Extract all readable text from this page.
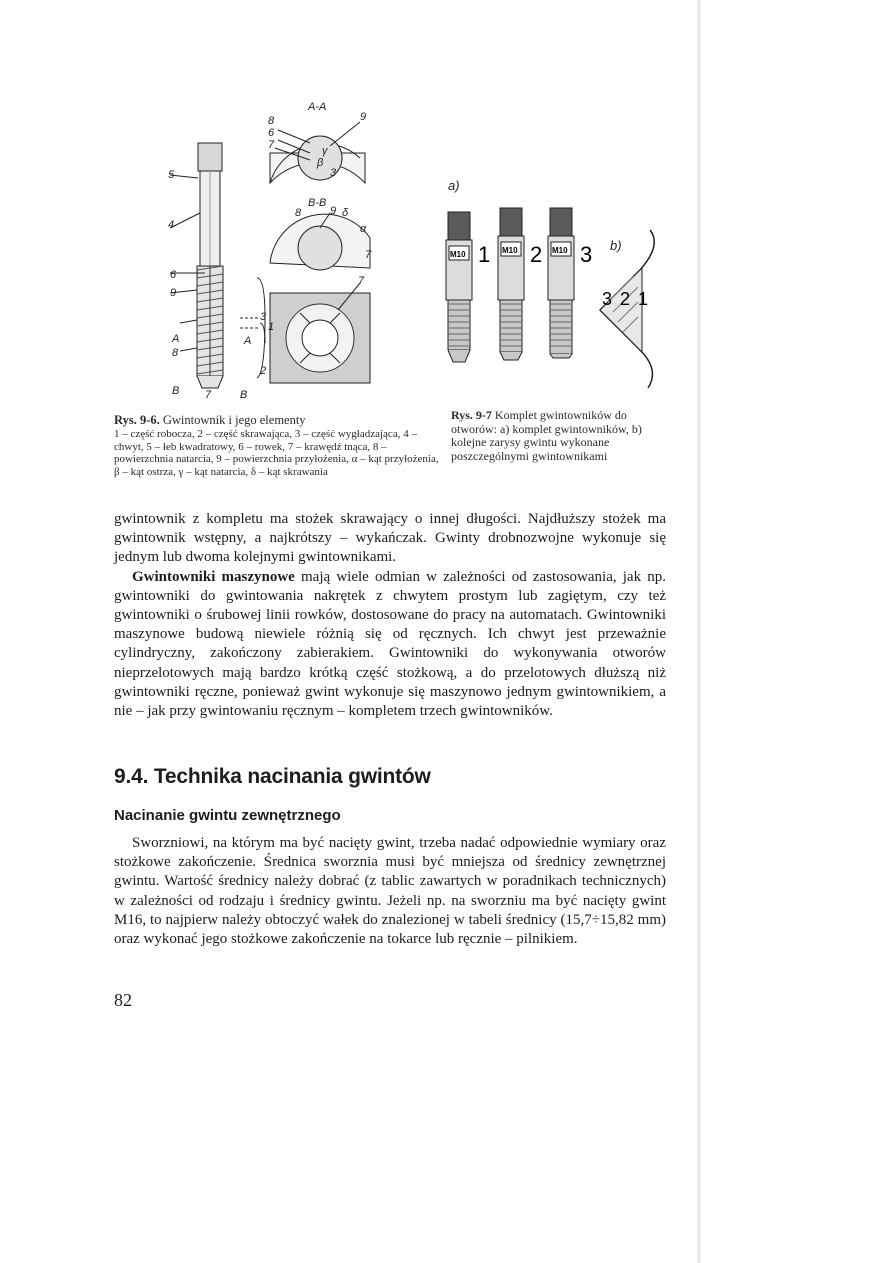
A-A
B-B
8
6
7
9
γ
β
3
8	9 δ
α
7
7
5
4
6
9
A
8
B 7	B
A
3
1
2
a)
b)
M10	M10	M10
1 2 3
3 2 1
Rys. 9-6. Gwintownik i jego elementy
1 – część robocza, 2 – część skrawająca, 3 – część wygładzająca, 4 – chwyt, 5 – łeb kwadratowy, 6 – rowek, 7 – krawędź tnąca, 8 – powierzchnia natarcia, 9 – powierzchnia przyłożenia, α – kąt przyłożenia, β – kąt ostrza, γ – kąt natarcia, δ – kąt skrawania
Rys. 9-7 Komplet gwintowników do otworów: a) komplet gwintowników, b) kolejne zarysy gwintu wykonane poszczególnymi gwintownikami
gwintownik z kompletu ma stożek skrawający o innej długości. Najdłuższy stożek ma gwintownik wstępny, a najkrótszy – wykańczak. Gwinty drobnozwojne wykonuje się jednym lub dwoma kolejnymi gwintownikami.
Gwintowniki maszynowe mają wiele odmian w zależności od zastosowania, jak np. gwintowniki do gwintowania nakrętek z chwytem prostym lub zagiętym, czy też gwintowniki o śrubowej linii rowków, dostosowane do pracy na automatach. Gwintowniki maszynowe budową niewiele różnią się od ręcznych. Ich chwyt jest przeważnie cylindryczny, zakończony zabierakiem. Gwintowniki do wykonywania otworów nieprzelotowych mają bardzo krótką część stożkową, a do przelotowych dłuższą niż gwintowniki ręczne, ponieważ gwint wykonuje się maszynowo jednym gwintownikiem, a nie – jak przy gwintowaniu ręcznym – kompletem trzech gwintowników.
9.4. Technika nacinania gwintów
Nacinanie gwintu zewnętrznego
Sworzniowi, na którym ma być nacięty gwint, trzeba nadać odpowiednie wymiary oraz stożkowe zakończenie. Średnica sworznia musi być mniejsza od średnicy zewnętrznej gwintu. Wartość średnicy należy dobrać (z tablic zawartych w poradnikach technicznych) w zależności od rodzaju i średnicy gwintu. Jeżeli np. na sworzniu ma być nacięty gwint M16, to najpierw należy obtoczyć wałek do znalezionej w tabeli średnicy (15,7÷15,82 mm) oraz wykonać jego stożkowe zakończenie na tokarce lub ręcznie – pilnikiem.
82
